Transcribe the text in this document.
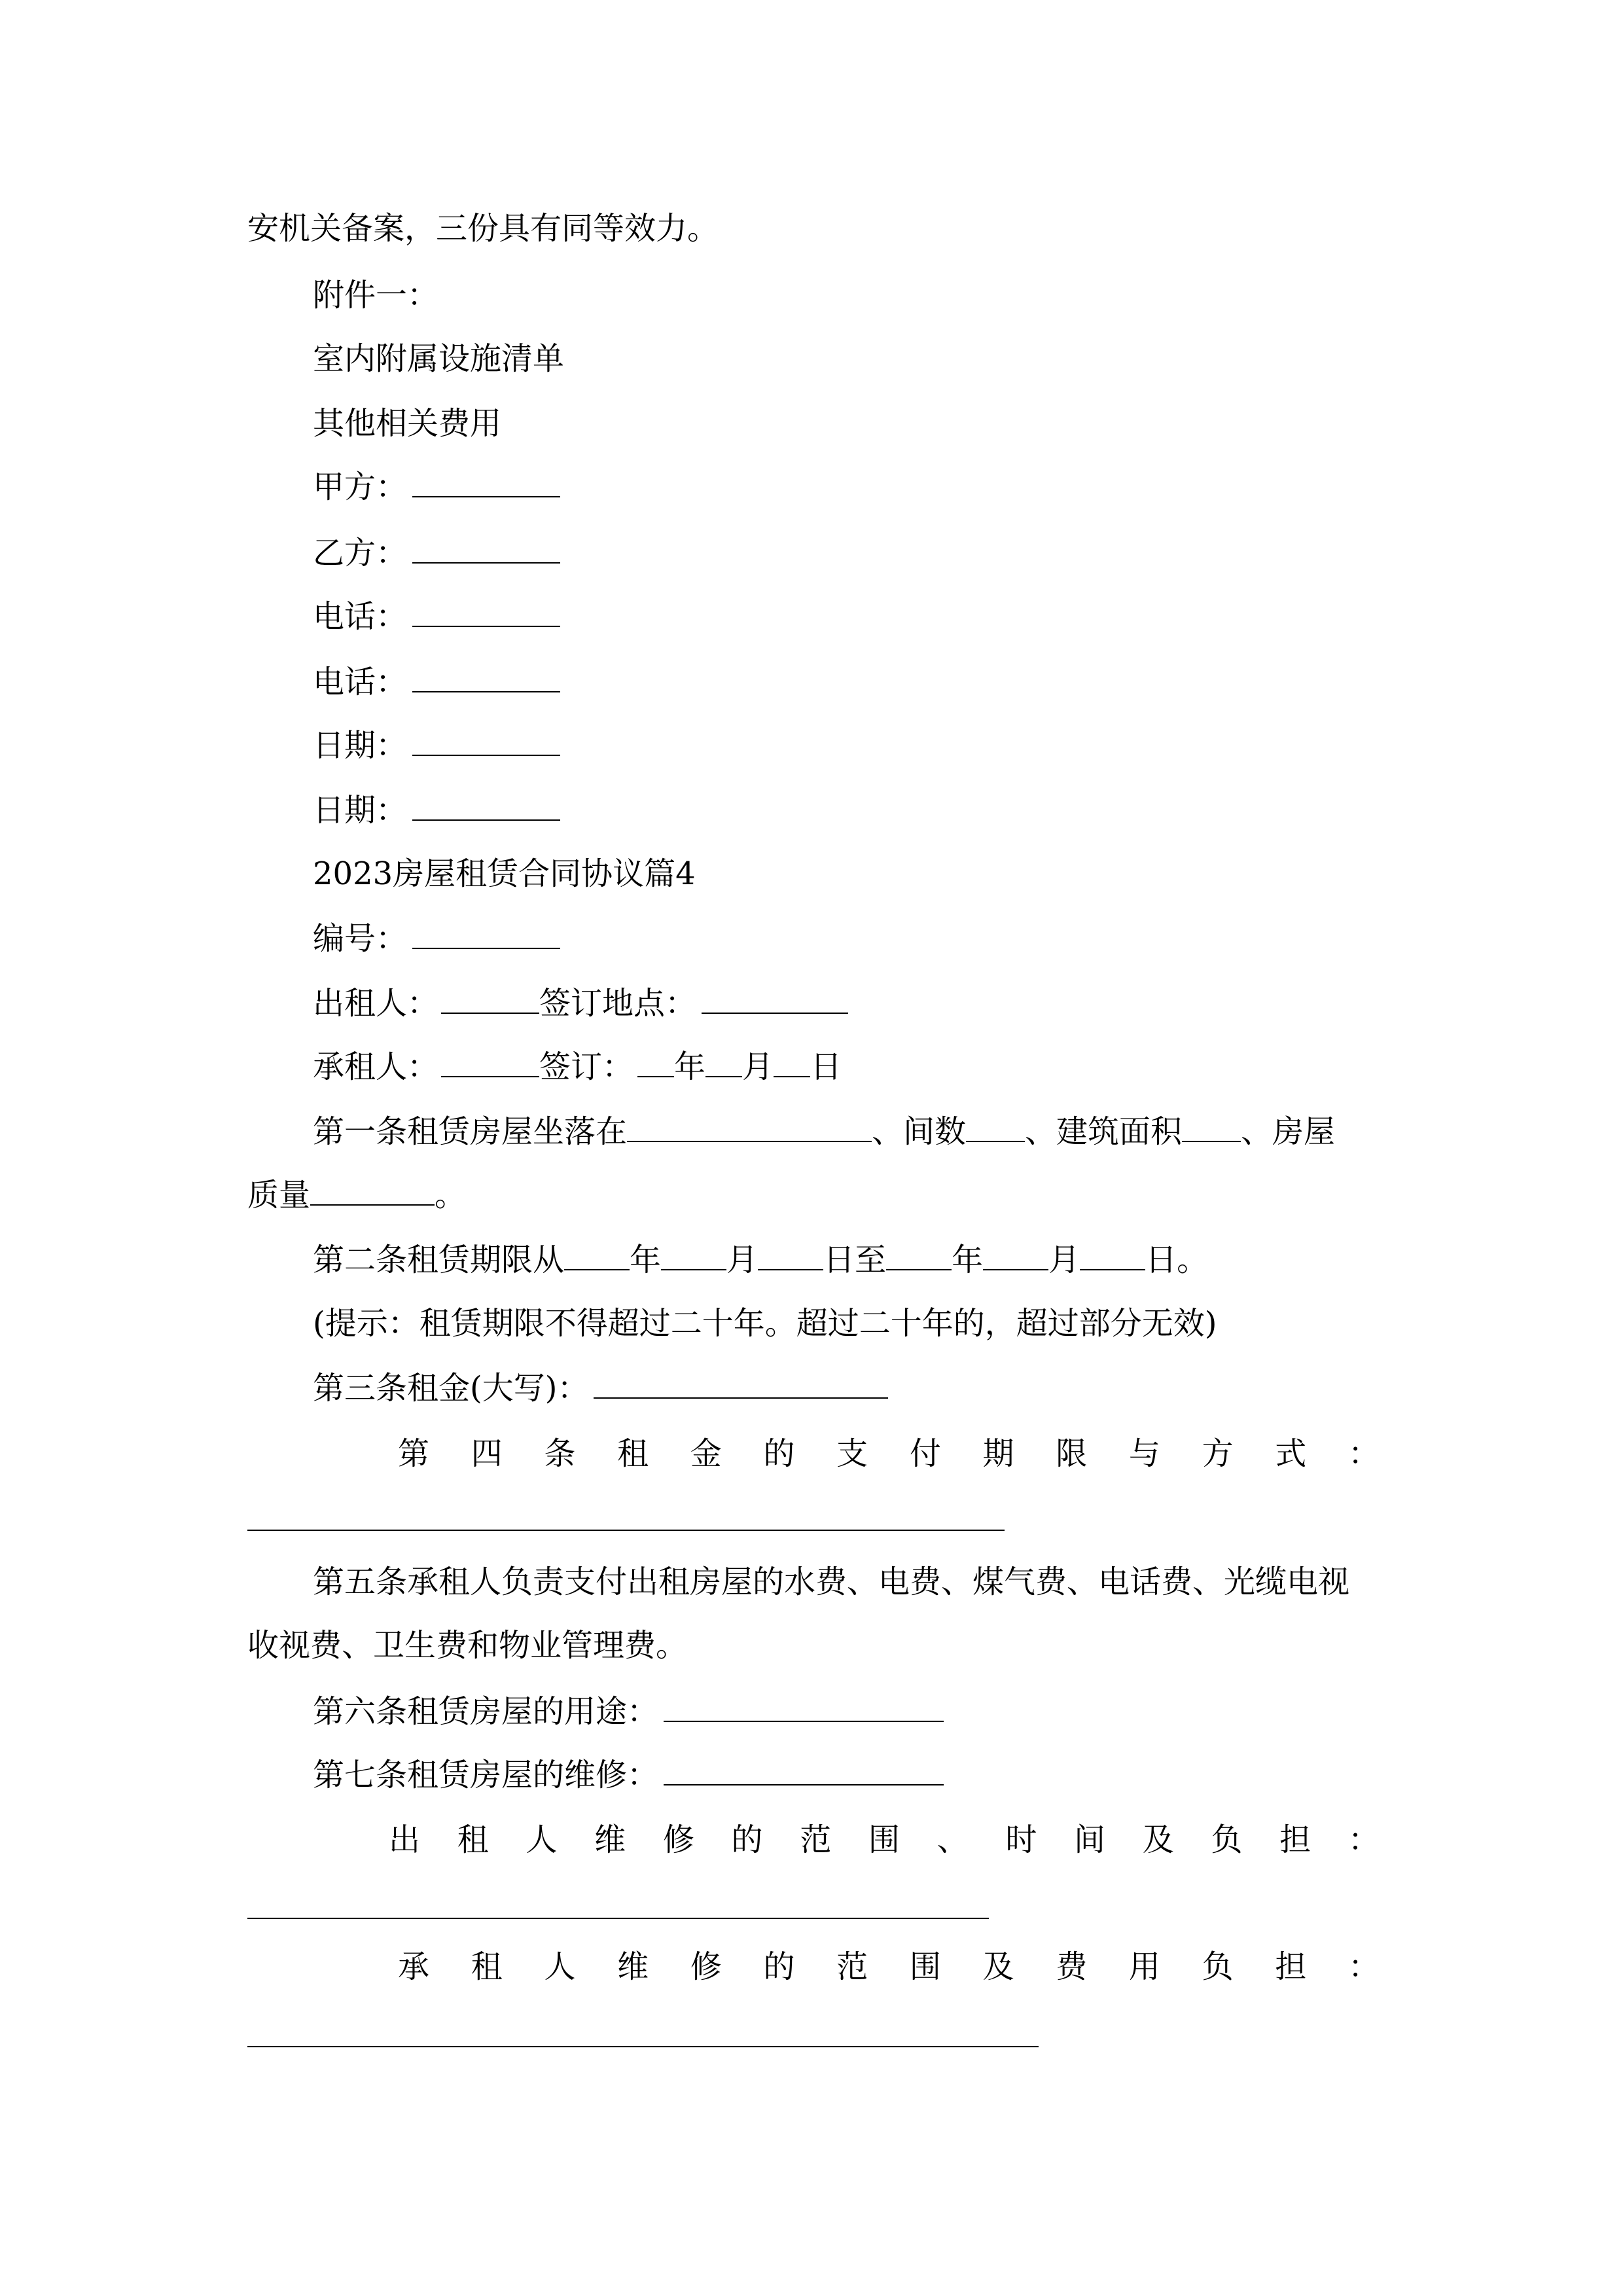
安机关备案，三份具有同等效力。
附件一：
室内附属设施清单
其他相关费用
甲方：
乙方：
电话：
电话：
日期：
日期：
2023房屋租赁合同协议篇4
编号：
出租人：	签订地点：
承租人：	签订： 年 月 日
第一条租赁房屋坐落在	、间数 、建筑面积 、房屋
质量	。
第二条租赁期限从 年 月 日至 年 月 日。
(提示：租赁期限不得超过二十年。超过二十年的，超过部分无效)
第三条租金(大写)：
第 四 条 租 金 的 支 付 期 限 与 方 式 ：
第五条承租人负责支付出租房屋的水费、电费、煤气费、电话费、光缆电视
收视费、卫生费和物业管理费。
第六条租赁房屋的用途：
第七条租赁房屋的维修：
出 租 人 维 修 的 范 围 、 时 间 及 负 担 ：
承 租 人 维 修 的 范 围 及 费 用 负 担 ：
